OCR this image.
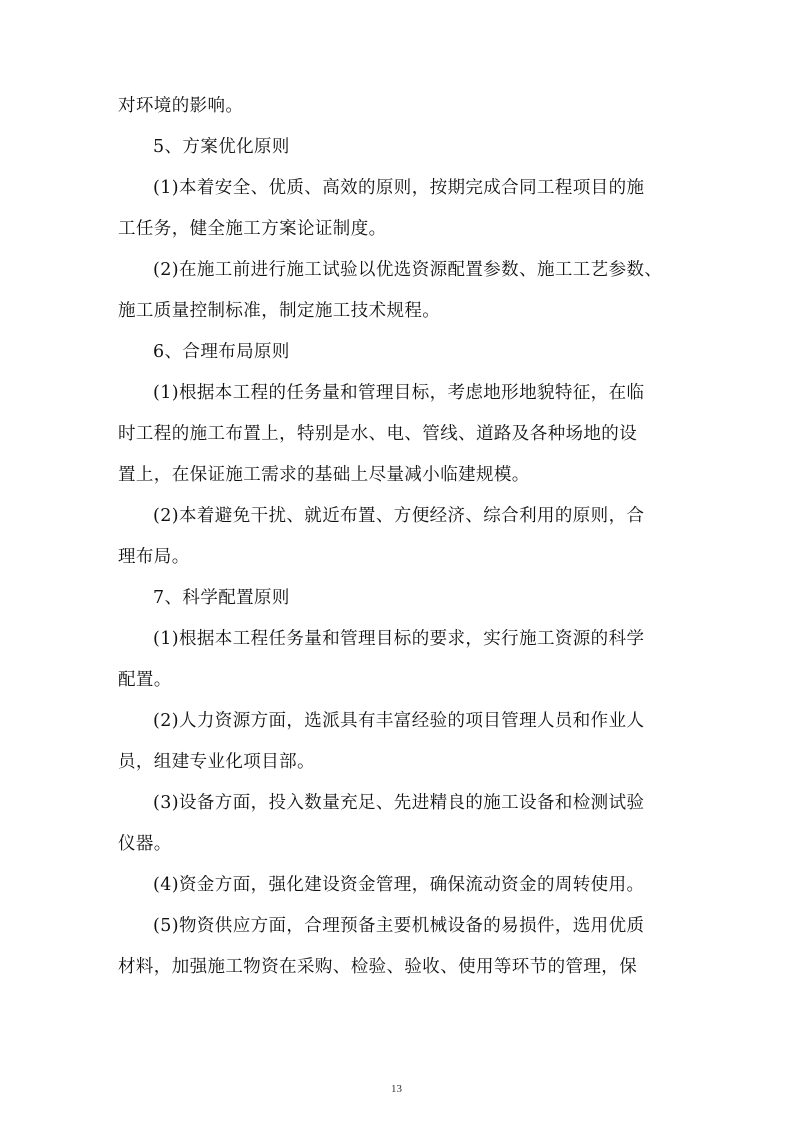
对环境的影响。
5、方案优化原则
(1)本着安全、优质、高效的原则，按期完成合同工程项目的施
工任务，健全施工方案论证制度。
(2)在施工前进行施工试验以优选资源配置参数、施工工艺参数、
施工质量控制标准，制定施工技术规程。
6、合理布局原则
(1)根据本工程的任务量和管理目标，考虑地形地貌特征，在临
时工程的施工布置上，特别是水、电、管线、道路及各种场地的设
置上，在保证施工需求的基础上尽量减小临建规模。
(2)本着避免干扰、就近布置、方便经济、综合利用的原则，合
理布局。
7、科学配置原则
(1)根据本工程任务量和管理目标的要求，实行施工资源的科学
配置。
(2)人力资源方面，选派具有丰富经验的项目管理人员和作业人
员，组建专业化项目部。
(3)设备方面，投入数量充足、先进精良的施工设备和检测试验
仪器。
(4)资金方面，强化建设资金管理，确保流动资金的周转使用。
(5)物资供应方面，合理预备主要机械设备的易损件，选用优质
材料，加强施工物资在采购、检验、验收、使用等环节的管理，保
13
